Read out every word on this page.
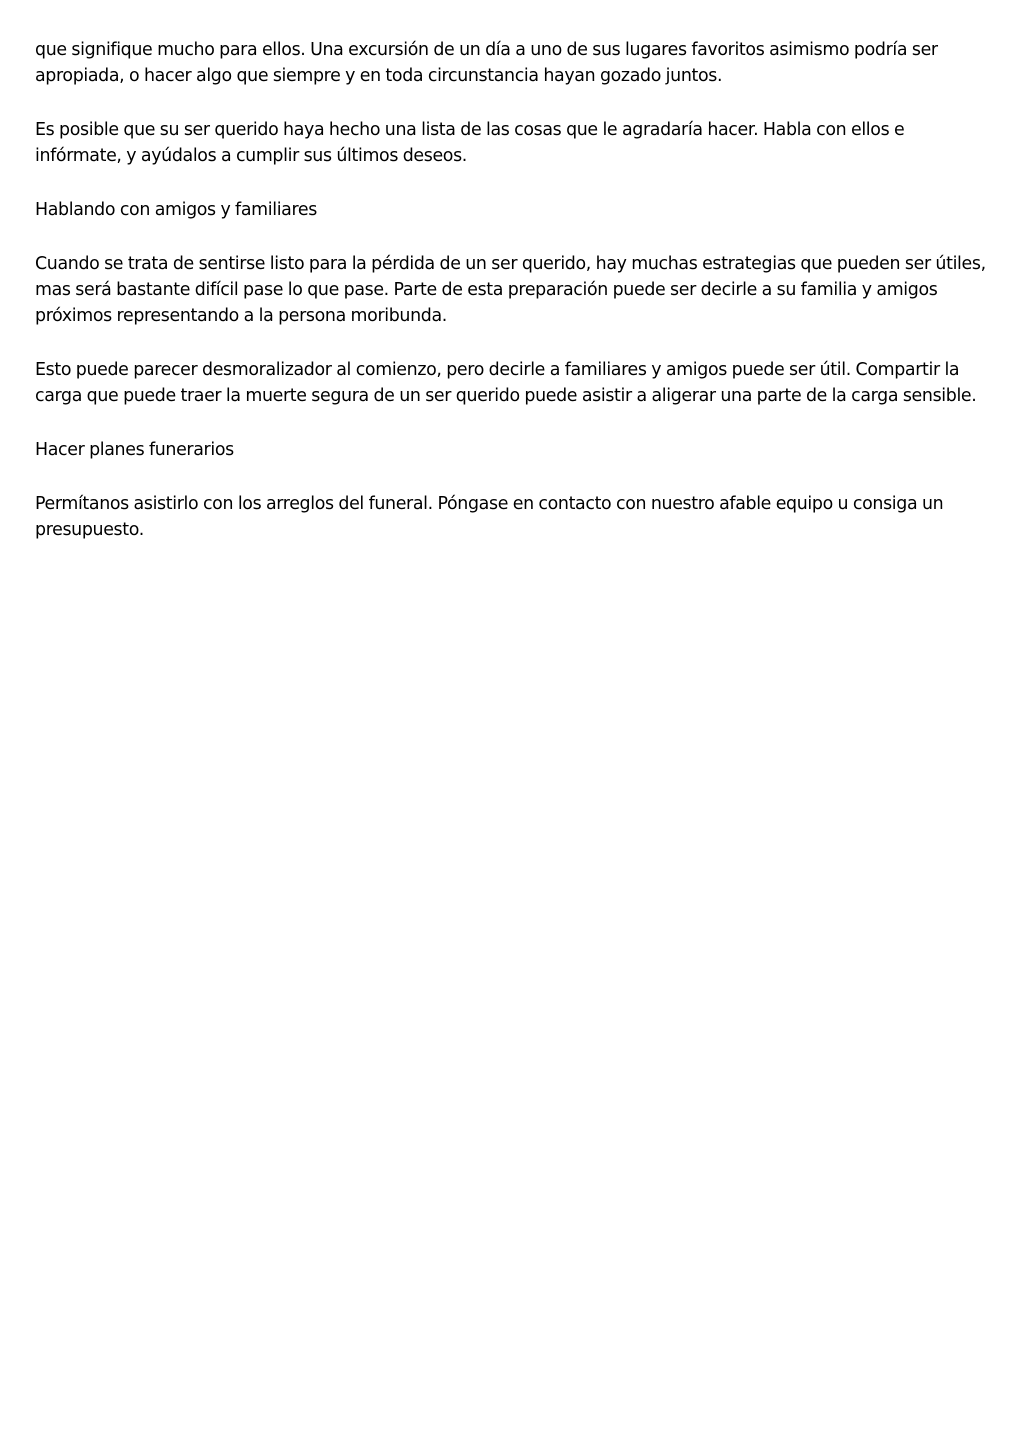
que signifique mucho para ellos. Una excursión de un día a uno de sus lugares favoritos asimismo podría ser apropiada, o hacer algo que siempre y en toda circunstancia hayan gozado juntos.

Es posible que su ser querido haya hecho una lista de las cosas que le agradaría hacer. Habla con ellos e infórmate, y ayúdalos a cumplir sus últimos deseos.

Hablando con amigos y familiares

Cuando se trata de sentirse listo para la pérdida de un ser querido, hay muchas estrategias que pueden ser útiles, mas será bastante difícil pase lo que pase. Parte de esta preparación puede ser decirle a su familia y amigos próximos representando a la persona moribunda.

Esto puede parecer desmoralizador al comienzo, pero decirle a familiares y amigos puede ser útil. Compartir la carga que puede traer la muerte segura de un ser querido puede asistir a aligerar una parte de la carga sensible.

Hacer planes funerarios

Permítanos asistirlo con los arreglos del funeral. Póngase en contacto con nuestro afable equipo u consiga un presupuesto.
